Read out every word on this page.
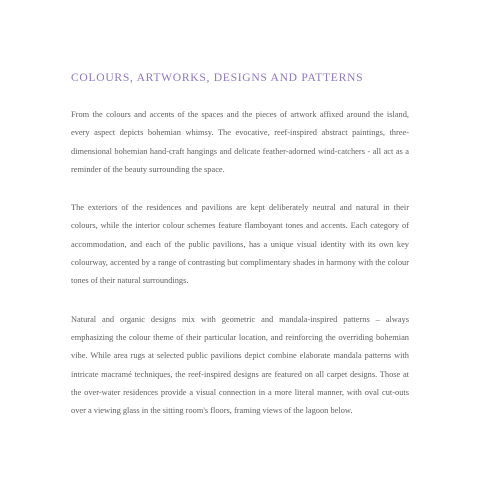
COLOURS, ARTWORKS, DESIGNS AND PATTERNS

From the colours and accents of the spaces and the pieces of artwork affixed around the island, every aspect depicts bohemian whimsy. The evocative, reef-inspired abstract paintings, three-dimensional bohemian hand-craft hangings and delicate feather-adorned wind-catchers - all act as a reminder of the beauty surrounding the space.

The exteriors of the residences and pavilions are kept deliberately neutral and natural in their colours, while the interior colour schemes feature flamboyant tones and accents. Each category of accommodation, and each of the public pavilions, has a unique visual identity with its own key colourway, accented by a range of contrasting but complimentary shades in harmony with the colour tones of their natural surroundings.

Natural and organic designs mix with geometric and mandala-inspired patterns – always emphasizing the colour theme of their particular location, and reinforcing the overriding bohemian vibe. While area rugs at selected public pavilions depict combine elaborate mandala patterns with intricate macramé techniques, the reef-inspired designs are featured on all carpet designs. Those at the over-water residences provide a visual connection in a more literal manner, with oval cut-outs over a viewing glass in the sitting room's floors, framing views of the lagoon below.
